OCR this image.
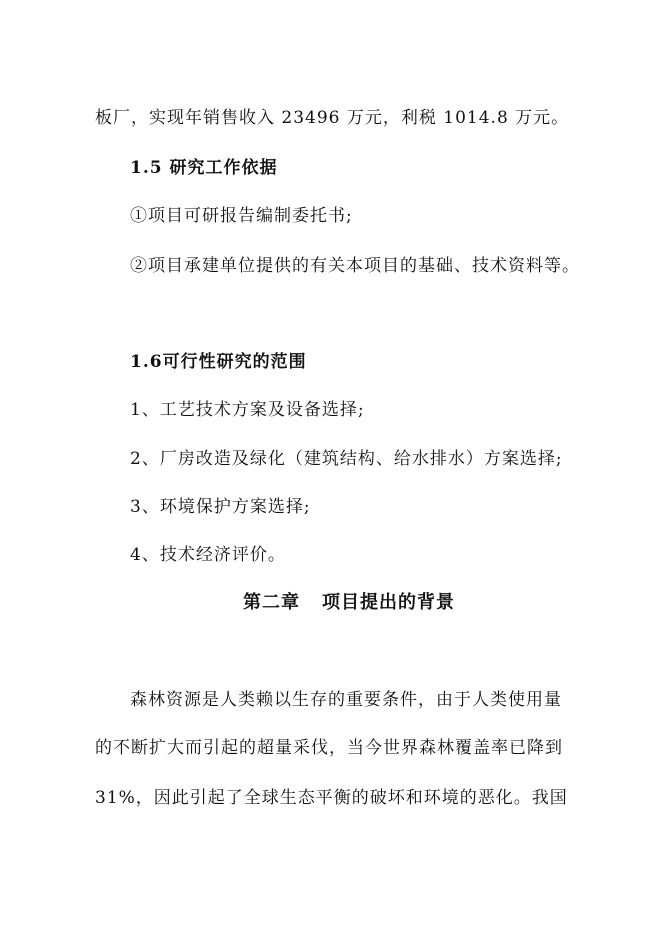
板厂，实现年销售收入 23496 万元，利税 1014.8 万元。
1.5 研究工作依据
①项目可研报告编制委托书;
②项目承建单位提供的有关本项目的基础、技术资料等。
1.6可行性研究的范围
1、工艺技术方案及设备选择;
2、厂房改造及绿化（建筑结构、给水排水）方案选择;
3、环境保护方案选择;
4、技术经济评价。
第二章 项目提出的背景
森林资源是人类赖以生存的重要条件，由于人类使用量
的不断扩大而引起的超量采伐，当今世界森林覆盖率已降到
31%，因此引起了全球生态平衡的破坏和环境的恶化。我国
